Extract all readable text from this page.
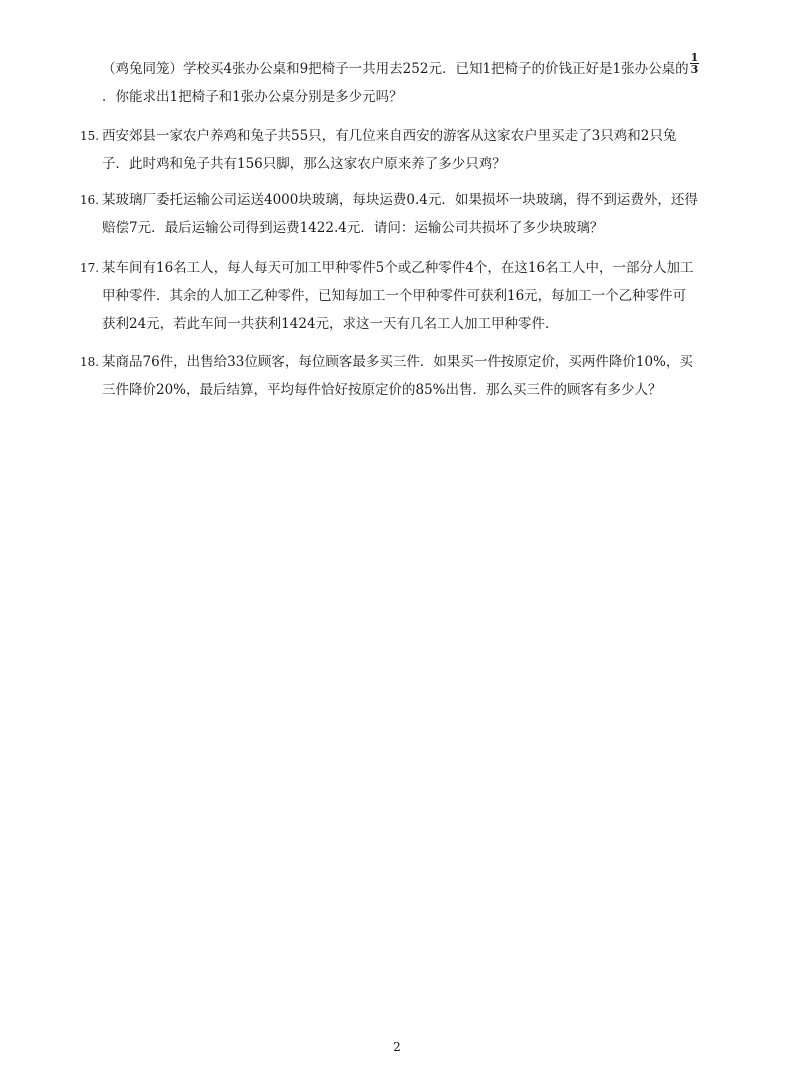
（鸡兔同笼）学校买4张办公桌和9把椅子一共用去252元．已知1把椅子的价钱正好是1张办公桌的 $\frac{1}{3}$
．你能求出1把椅子和1张办公桌分别是多少元吗？
15. 西安郊县一家农户养鸡和兔子共55只，有几位来自西安的游客从这家农户里买走了3只鸡和2只兔
子．此时鸡和兔子共有156只脚，那么这家农户原来养了多少只鸡？
16. 某玻璃厂委托运输公司运送4000块玻璃，每块运费0.4元．如果损坏一块玻璃，得不到运费外，还得
赔偿7元．最后运输公司得到运费1422.4元．请问：运输公司共损坏了多少块玻璃？
17. 某车间有16名工人，每人每天可加工甲种零件5个或乙种零件4个，在这16名工人中，一部分人加工
甲种零件．其余的人加工乙种零件，已知每加工一个甲种零件可获利16元，每加工一个乙种零件可
获利24元，若此车间一共获利1424元，求这一天有几名工人加工甲种零件．
18. 某商品76件，出售给33位顾客，每位顾客最多买三件．如果买一件按原定价，买两件降价10%，买
三件降价20%，最后结算，平均每件恰好按原定价的85%出售．那么买三件的顾客有多少人？
2
